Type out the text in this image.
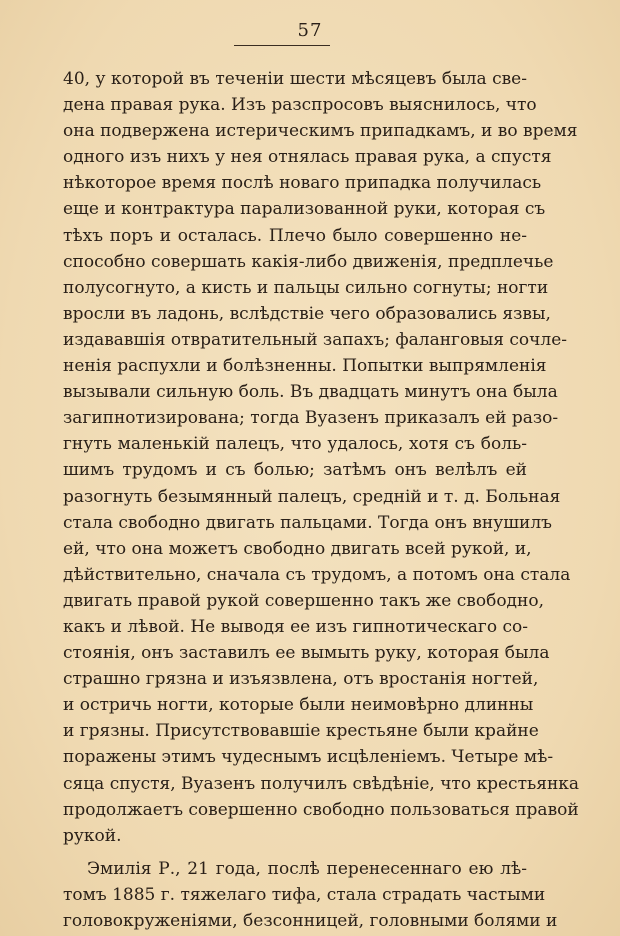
57
40, у которой въ теченіи шести мѣсяцевъ была све-
дена правая рука. Изъ разспросовъ выяснилось, что
она подвержена истерическимъ припадкамъ, и во время
одного изъ нихъ у нея отнялась правая рука, а спустя
нѣкоторое время послѣ новаго припадка получилась
еще и контрактура парализованной руки, которая съ
тѣхъ поръ и осталась. Плечо было совершенно не-
способно совершать какія-либо движенія, предплечье
полусогнуто, а кисть и пальцы сильно согнуты; ногти
вросли въ ладонь, вслѣдствіе чего образовались язвы,
издававшія отвратительный запахъ; фаланговыя сочле-
ненія распухли и болѣзненны. Попытки выпрямленія
вызывали сильную боль. Въ двадцать минутъ она была
загипнотизирована; тогда Вуазенъ приказалъ ей разо-
гнуть маленькій палецъ, что удалось, хотя съ боль-
шимъ трудомъ и съ болью; затѣмъ онъ велѣлъ ей
разогнуть безымянный палецъ, средній и т. д. Больная
стала свободно двигать пальцами. Тогда онъ внушилъ
ей, что она можетъ свободно двигать всей рукой, и,
дѣйствительно, сначала съ трудомъ, а потомъ она стала
двигать правой рукой совершенно такъ же свободно,
какъ и лѣвой. Не выводя ее изъ гипнотическаго со-
стоянія, онъ заставилъ ее вымыть руку, которая была
страшно грязна и изъязвлена, отъ вростанія ногтей,
и остричь ногти, которые были неимовѣрно длинны
и грязны. Присутствовавшіе крестьяне были крайне
поражены этимъ чудеснымъ исцѣленіемъ. Четыре мѣ-
сяца спустя, Вуазенъ получилъ свѣдѣніе, что крестьянка
продолжаетъ совершенно свободно пользоваться правой
рукой.
Эмилія Р., 21 года, послѣ перенесеннаго ею лѣ-
томъ 1885 г. тяжелаго тифа, стала страдать частыми
головокруженіями, безсонницей, головными болями и
